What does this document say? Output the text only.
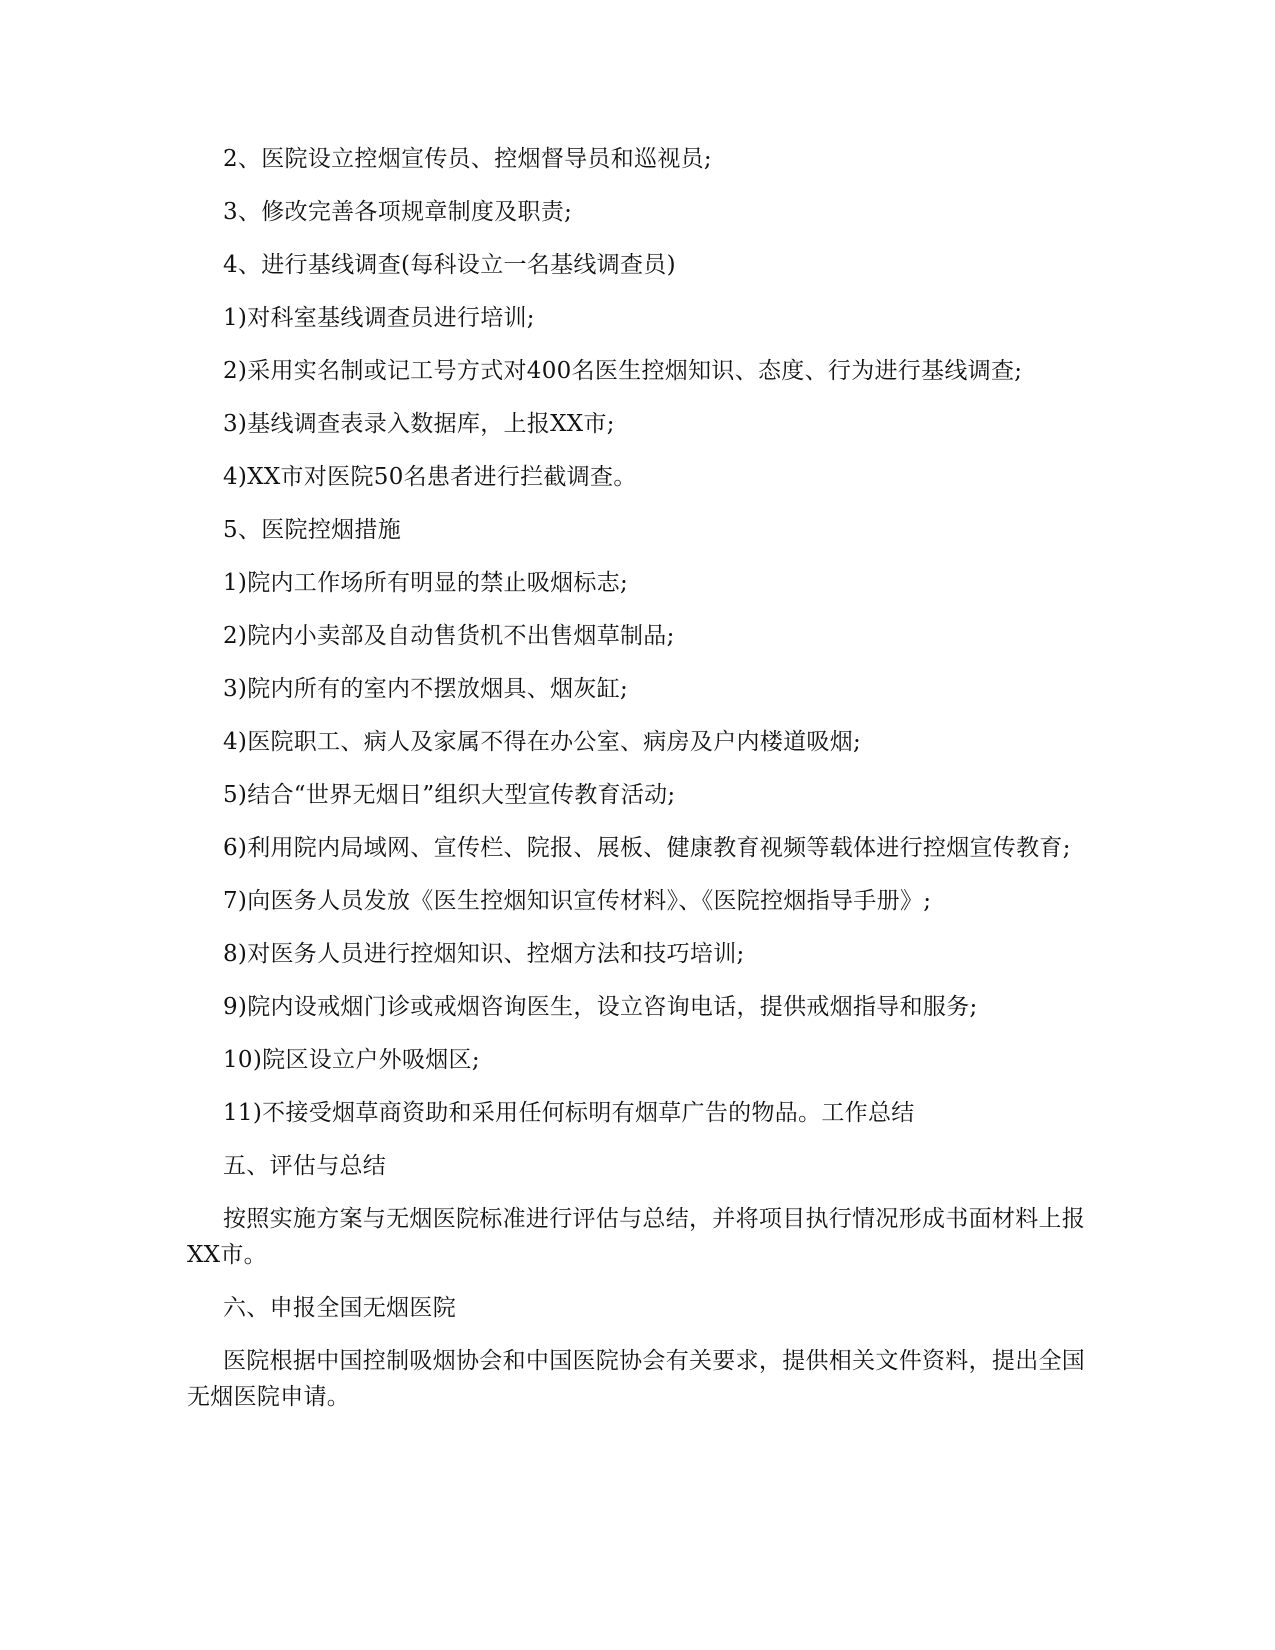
2、医院设立控烟宣传员、控烟督导员和巡视员;

3、修改完善各项规章制度及职责;

4、进行基线调查(每科设立一名基线调查员)

1)对科室基线调查员进行培训;

2)采用实名制或记工号方式对400名医生控烟知识、态度、行为进行基线调查;

3)基线调查表录入数据库，上报XX市;

4)XX市对医院50名患者进行拦截调查。

5、医院控烟措施

1)院内工作场所有明显的禁止吸烟标志;

2)院内小卖部及自动售货机不出售烟草制品;

3)院内所有的室内不摆放烟具、烟灰缸;

4)医院职工、病人及家属不得在办公室、病房及户内楼道吸烟;

5)结合“世界无烟日”组织大型宣传教育活动;

6)利用院内局域网、宣传栏、院报、展板、健康教育视频等载体进行控烟宣传教育;

7)向医务人员发放《医生控烟知识宣传材料》、《医院控烟指导手册》;

8)对医务人员进行控烟知识、控烟方法和技巧培训;

9)院内设戒烟门诊或戒烟咨询医生，设立咨询电话，提供戒烟指导和服务;

10)院区设立户外吸烟区;

11)不接受烟草商资助和采用任何标明有烟草广告的物品。工作总结

五、评估与总结

按照实施方案与无烟医院标准进行评估与总结，并将项目执行情况形成书面材料上报XX市。

六、申报全国无烟医院

医院根据中国控制吸烟协会和中国医院协会有关要求，提供相关文件资料，提出全国无烟医院申请。
